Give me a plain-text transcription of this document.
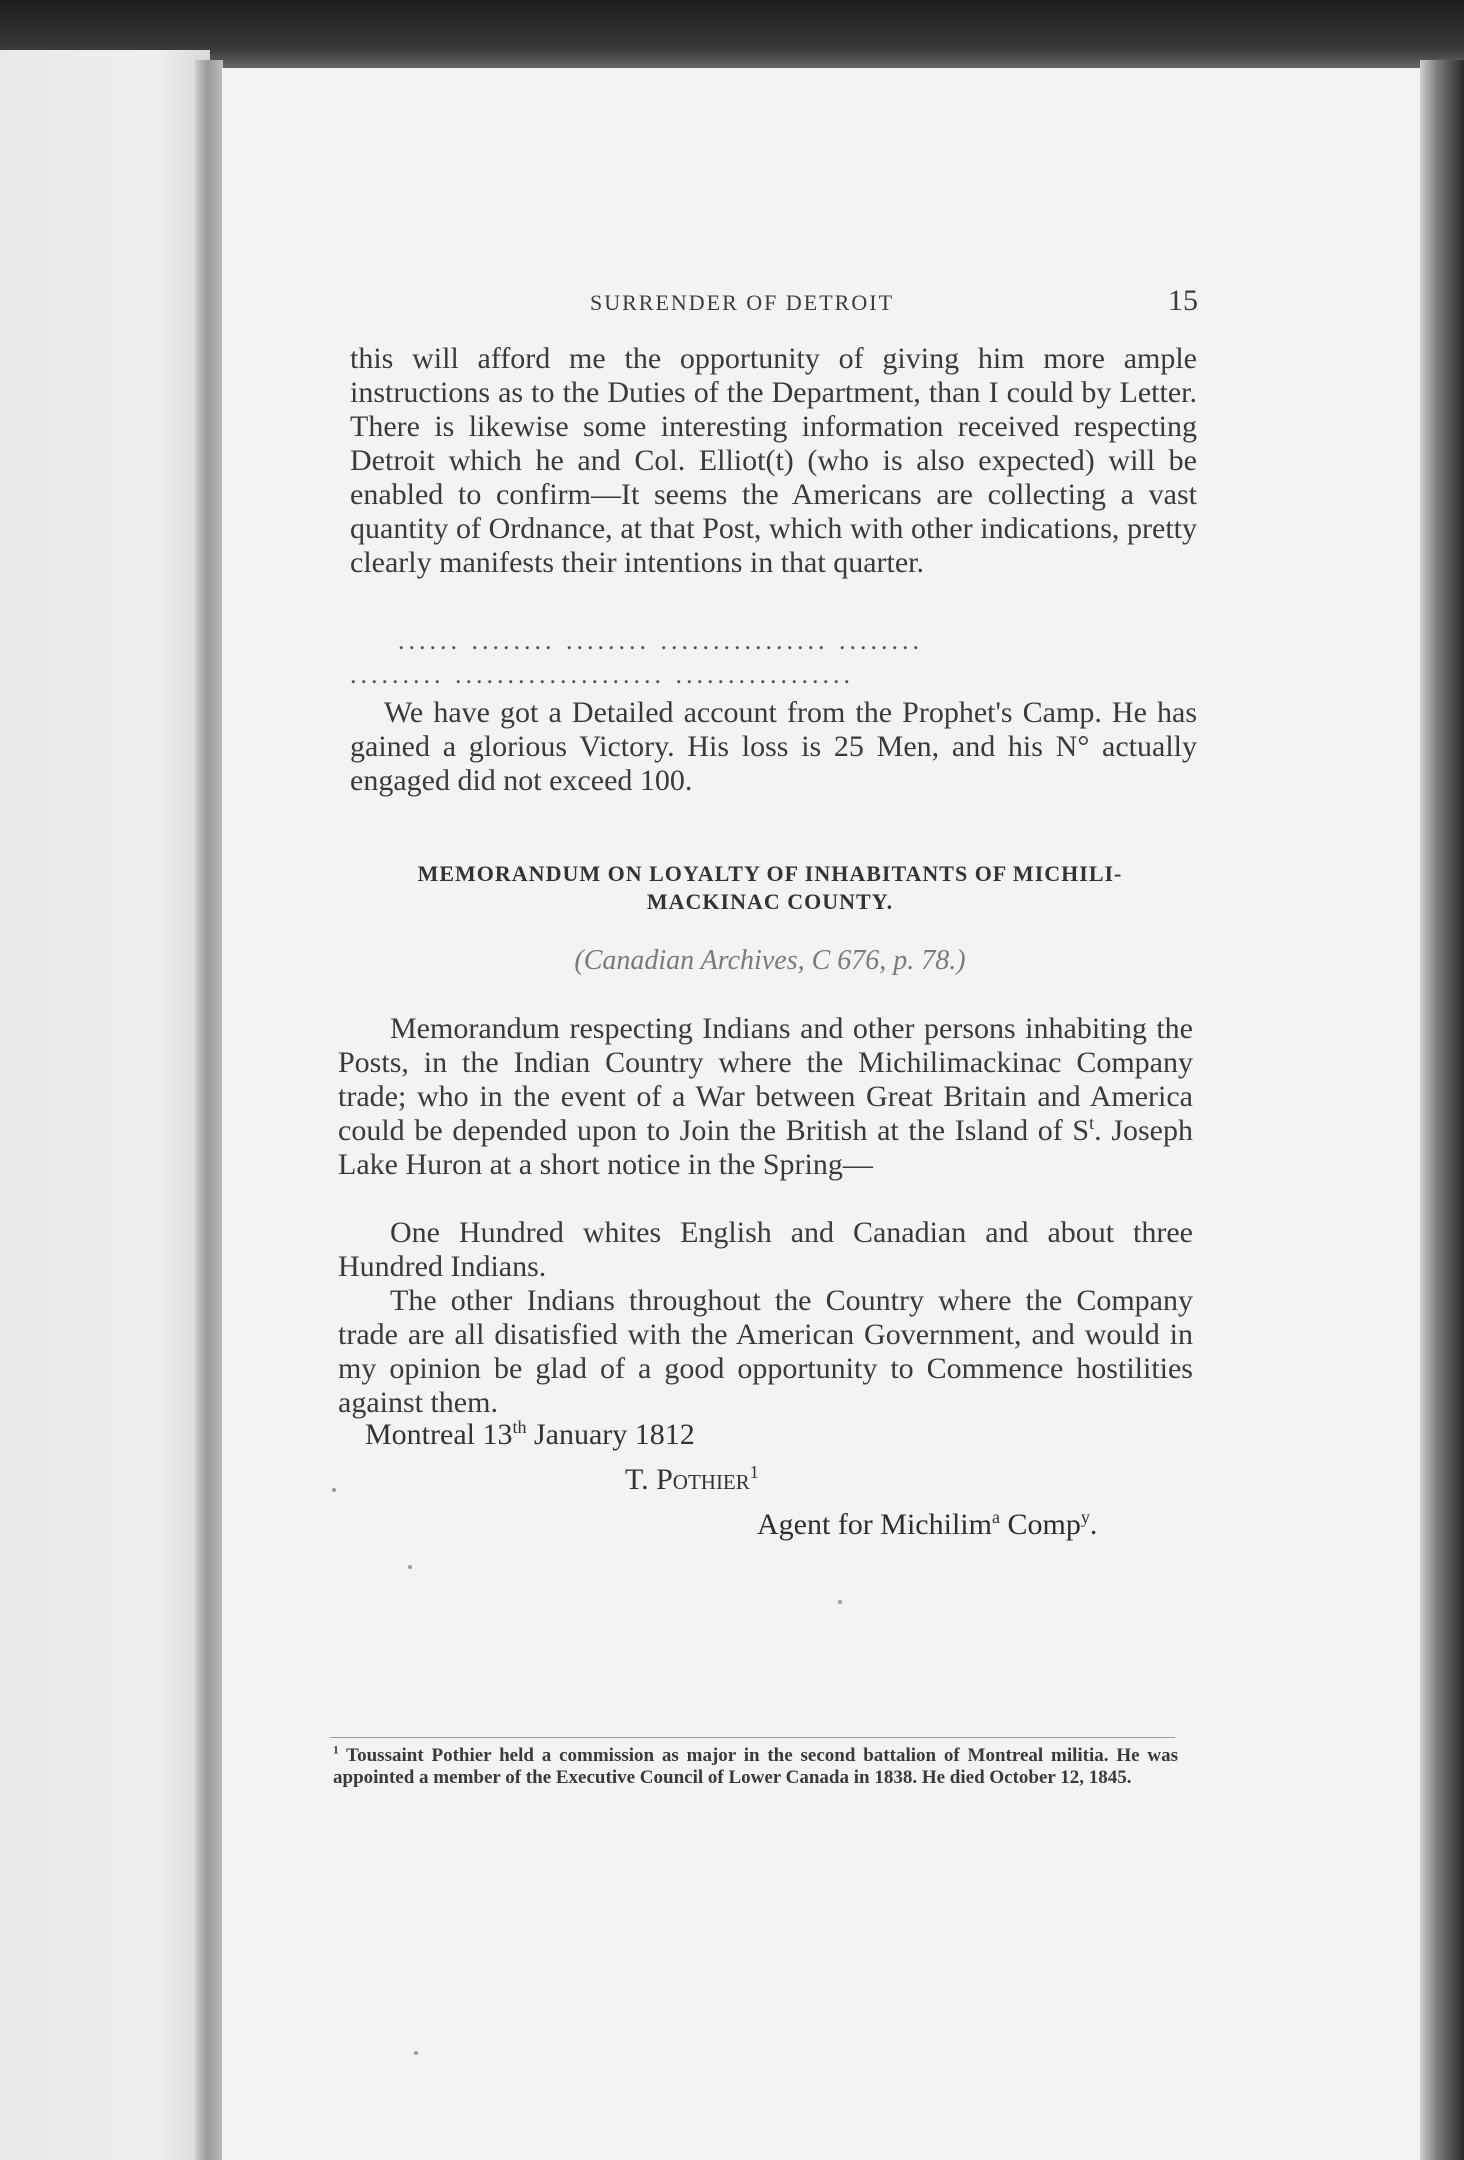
SURRENDER OF DETROIT	15
this will afford me the opportunity of giving him more ample instructions as to the Duties of the Department, than I could by Letter. There is likewise some interesting information received respecting Detroit which he and Col. Elliot(t) (who is also expected) will be enabled to confirm—It seems the Americans are collecting a vast quantity of Ordnance, at that Post, which with other indications, pretty clearly manifests their intentions in that quarter.
...... ........ ........ ................ ........
......... .................... .................
We have got a Detailed account from the Prophet's Camp. He has gained a glorious Victory. His loss is 25 Men, and his N° actually engaged did not exceed 100.
MEMORANDUM ON LOYALTY OF INHABITANTS OF MICHILI-
MACKINAC COUNTY.
(Canadian Archives, C 676, p. 78.)
Memorandum respecting Indians and other persons inhabiting the Posts, in the Indian Country where the Michilimackinac Company trade; who in the event of a War between Great Britain and America could be depended upon to Join the British at the Island of $S^t$. Joseph Lake Huron at a short notice in the Spring—
One Hundred whites English and Canadian and about three Hundred Indians.
The other Indians throughout the Country where the Company trade are all disatisfied with the American Government, and would in my opinion be glad of a good opportunity to Commence hostilities against them.
Montreal 13th January 1812
T. Pothier$^1$
Agent for Michilim$^a$ Comp$^y$.
$^1$ Toussaint Pothier held a commission as major in the second battalion of Montreal militia. He was appointed a member of the Executive Council of Lower Canada in 1838. He died October 12, 1845.
